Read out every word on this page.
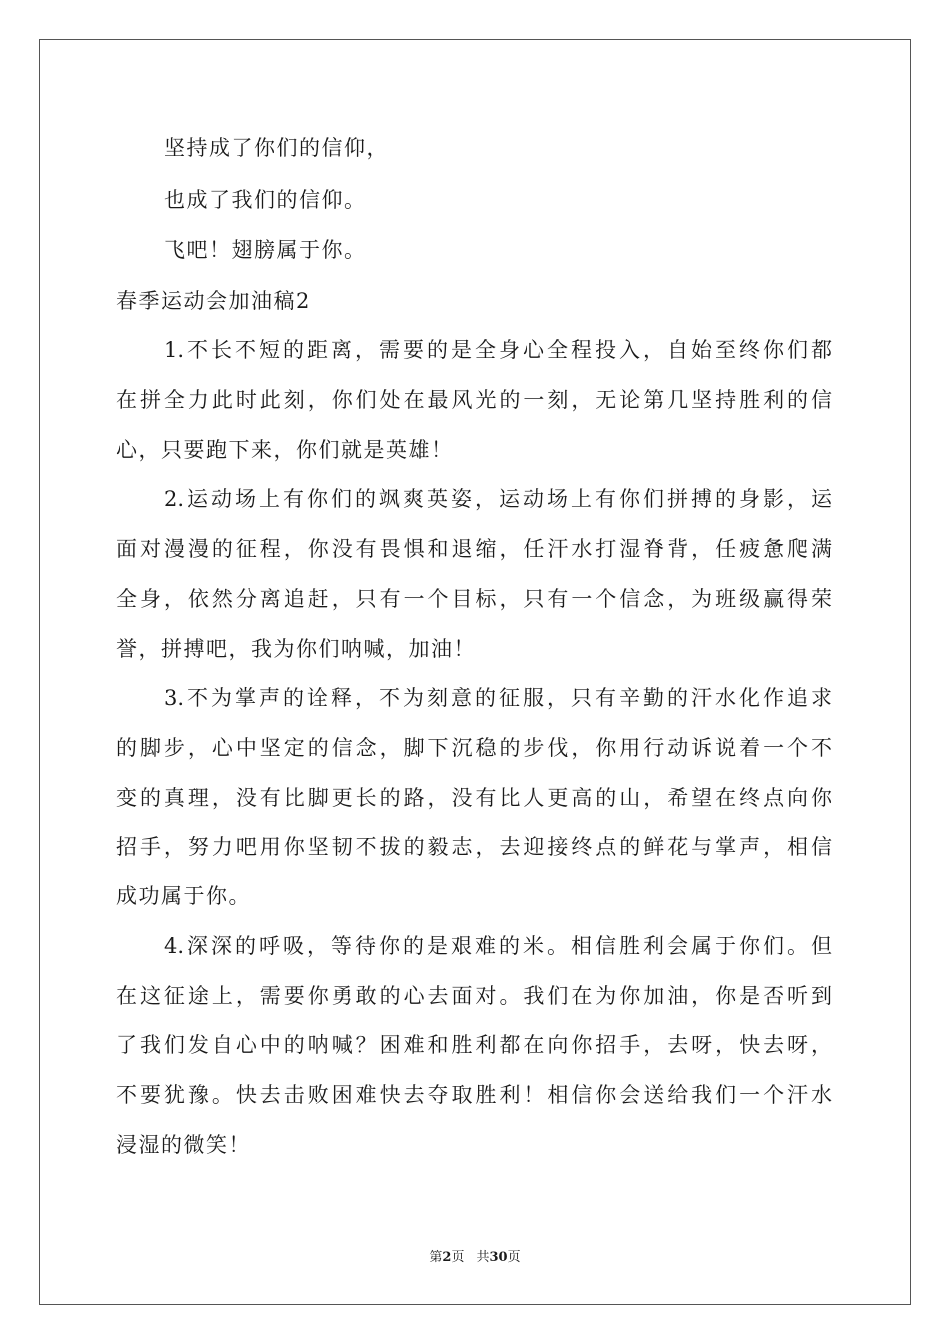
坚持成了你们的信仰，
也成了我们的信仰。
飞吧！翅膀属于你。
春季运动会加油稿2
1.不长不短的距离，需要的是全身心全程投入，自始至终你们都
在拼全力此时此刻，你们处在最风光的一刻，无论第几坚持胜利的信
心，只要跑下来，你们就是英雄！
2.运动场上有你们的飒爽英姿，运动场上有你们拼搏的身影，运
面对漫漫的征程，你没有畏惧和退缩，任汗水打湿脊背，任疲惫爬满
全身，依然分离追赶，只有一个目标，只有一个信念，为班级赢得荣
誉，拼搏吧，我为你们呐喊，加油！
3.不为掌声的诠释，不为刻意的征服，只有辛勤的汗水化作追求
的脚步，心中坚定的信念，脚下沉稳的步伐，你用行动诉说着一个不
变的真理，没有比脚更长的路，没有比人更高的山，希望在终点向你
招手，努力吧用你坚韧不拔的毅志，去迎接终点的鲜花与掌声，相信
成功属于你。
4.深深的呼吸，等待你的是艰难的米。相信胜利会属于你们。但
在这征途上，需要你勇敢的心去面对。我们在为你加油，你是否听到
了我们发自心中的呐喊？困难和胜利都在向你招手，去呀，快去呀，
不要犹豫。快去击败困难快去夺取胜利！相信你会送给我们一个汗水
浸湿的微笑！
第2页 共30页
